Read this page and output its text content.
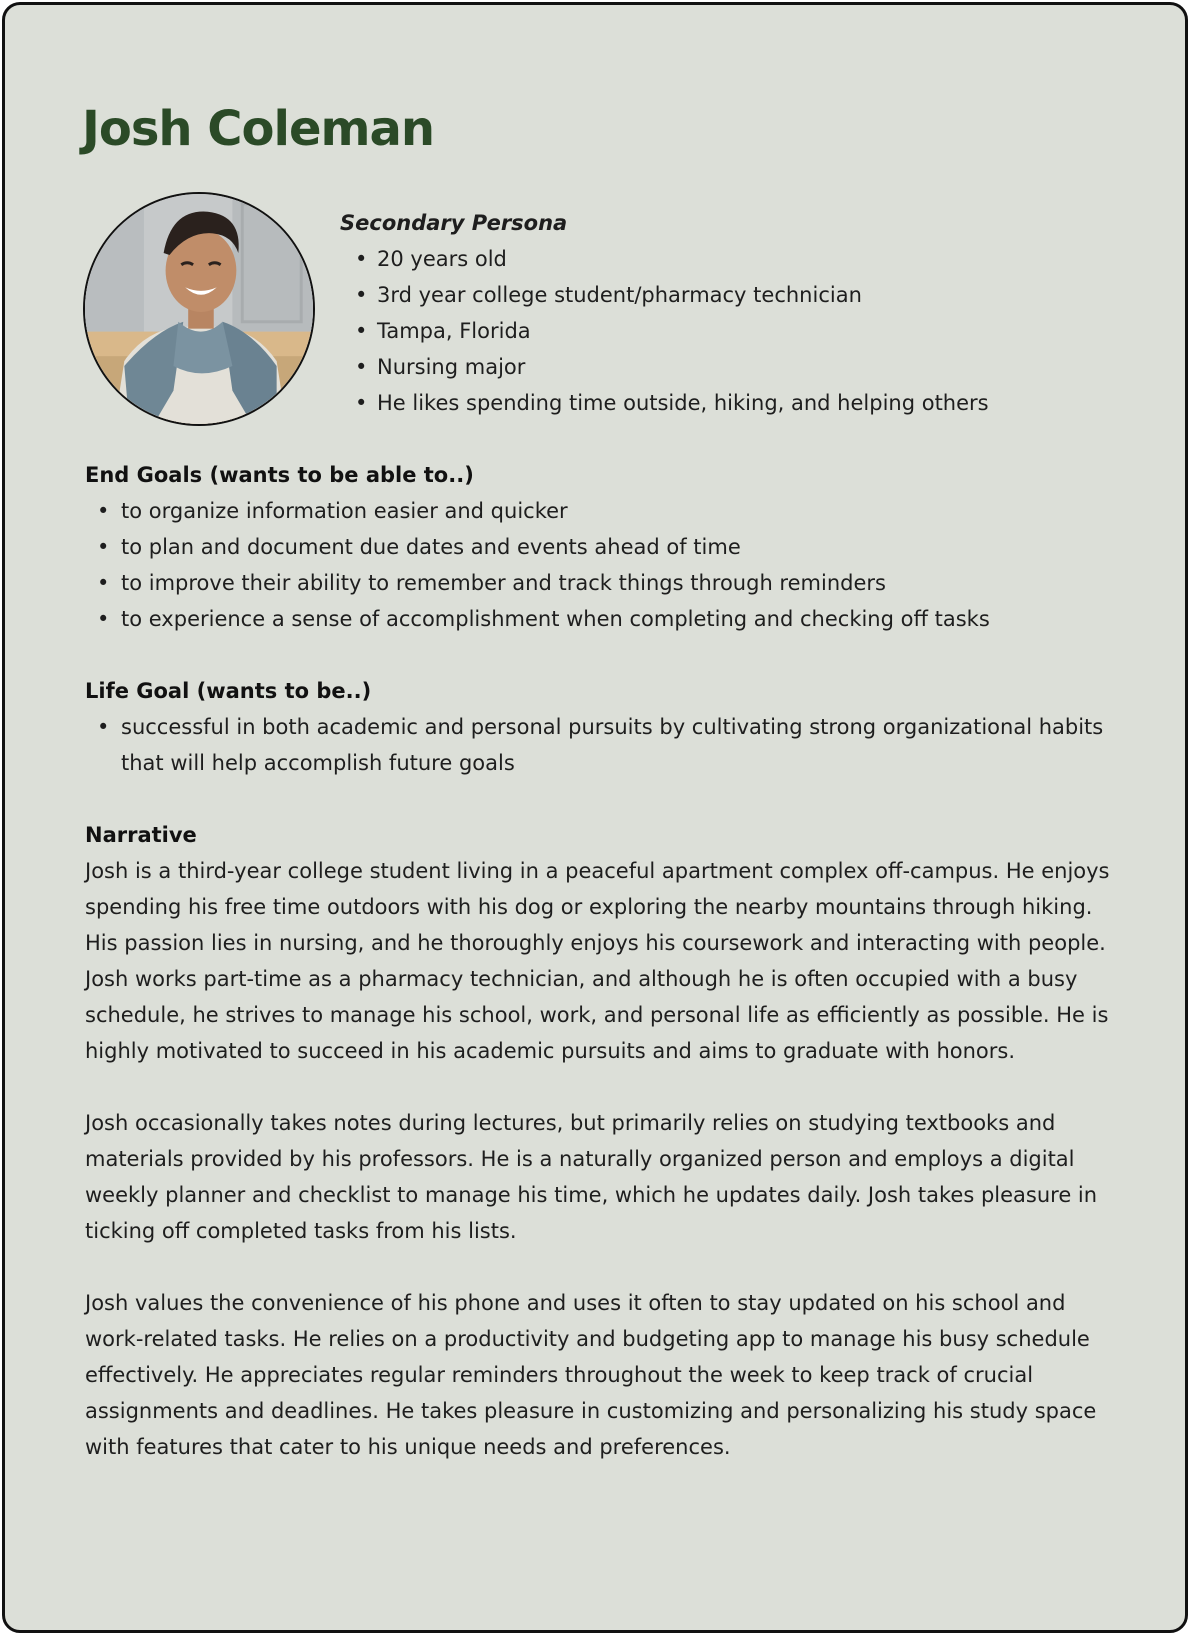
Josh Coleman
Secondary Persona
• 20 years old
• 3rd year college student/pharmacy technician
• Tampa, Florida
• Nursing major
• He likes spending time outside, hiking, and helping others
End Goals (wants to be able to..)
• to organize information easier and quicker
• to plan and document due dates and events ahead of time
• to improve their ability to remember and track things through reminders
• to experience a sense of accomplishment when completing and checking off tasks
Life Goal (wants to be..)
• successful in both academic and personal pursuits by cultivating strong organizational habits that will help accomplish future goals
Narrative

Josh is a third-year college student living in a peaceful apartment complex off-campus. He enjoys spending his free time outdoors with his dog or exploring the nearby mountains through hiking. His passion lies in nursing, and he thoroughly enjoys his coursework and interacting with people. Josh works part-time as a pharmacy technician, and although he is often occupied with a busy schedule, he strives to manage his school, work, and personal life as efficiently as possible. He is highly motivated to succeed in his academic pursuits and aims to graduate with honors.

Josh occasionally takes notes during lectures, but primarily relies on studying textbooks and materials provided by his professors. He is a naturally organized person and employs a digital weekly planner and checklist to manage his time, which he updates daily. Josh takes pleasure in ticking off completed tasks from his lists.

Josh values the convenience of his phone and uses it often to stay updated on his school and work-related tasks. He relies on a productivity and budgeting app to manage his busy schedule effectively. He appreciates regular reminders throughout the week to keep track of crucial assignments and deadlines. He takes pleasure in customizing and personalizing his study space with features that cater to his unique needs and preferences.
